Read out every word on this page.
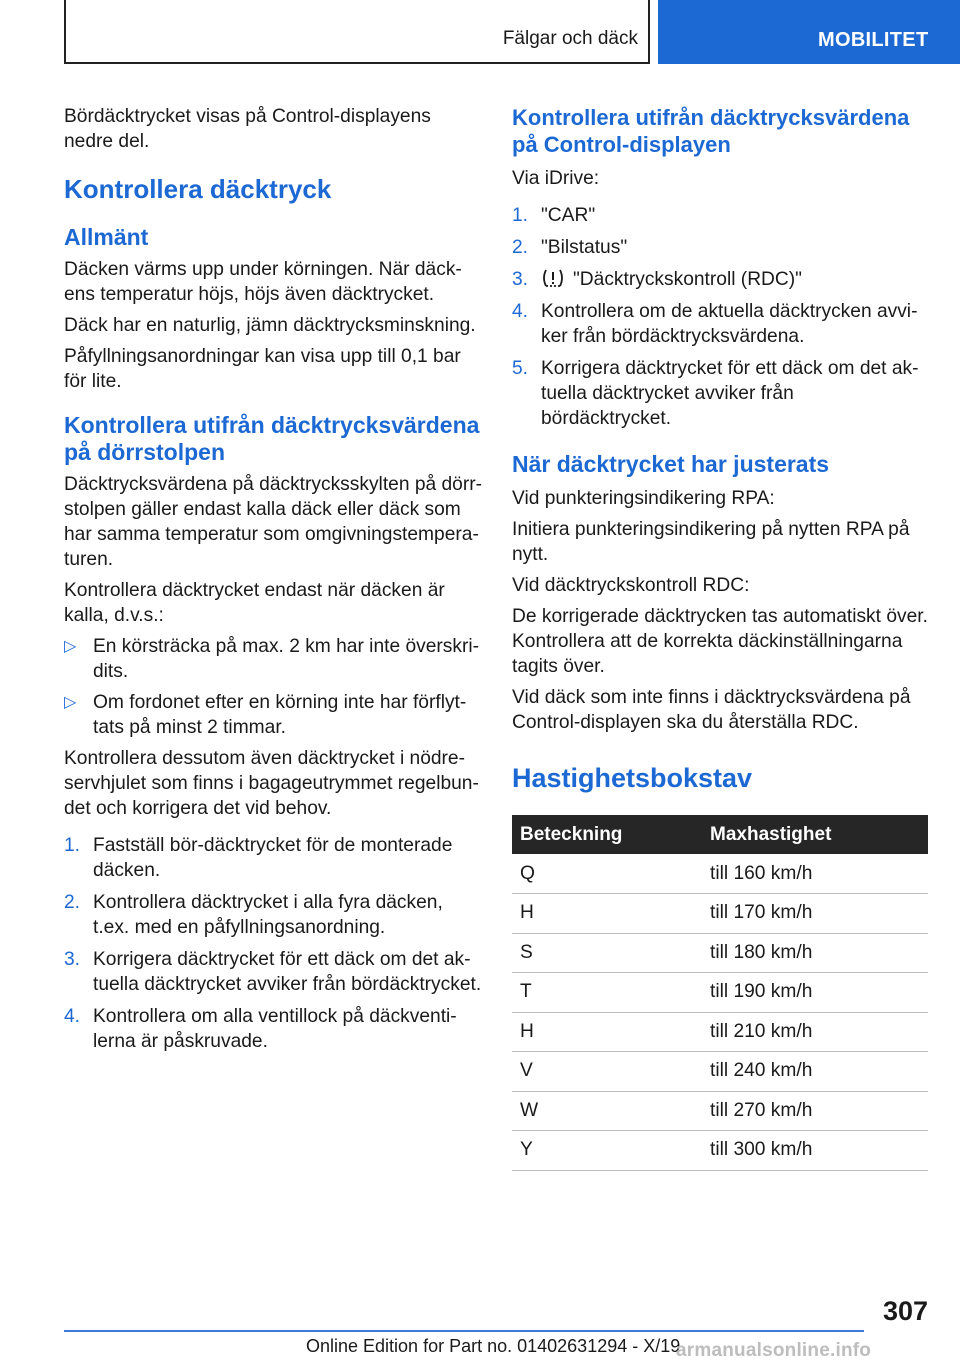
Fälgar och däck	MOBILITET

Bördäcktrycket visas på Control-displayens nedre del.

Kontrollera däcktryck
Allmänt

Däcken värms upp under körningen. När däckens temperatur höjs, höjs även däcktrycket.

Däck har en naturlig, jämn däcktrycksminskning.

Påfyllningsanordningar kan visa upp till 0,1 bar för lite.

Kontrollera utifrån däcktrycksvärdena på dörrstolpen

Däcktrycksvärdena på däcktrycksskylten på dörrstolpen gäller endast kalla däck eller däck som har samma temperatur som omgivningstemperaturen.

Kontrollera däcktrycket endast när däcken är kalla, d.v.s.:

▷ En körsträcka på max. 2 km har inte överskridits.
▷ Om fordonet efter en körning inte har förflyttats på minst 2 timmar.

Kontrollera dessutom även däcktrycket i nödreservhjulet som finns i bagageutrymmet regelbundet och korrigera det vid behov.

1. Fastställ bör-däcktrycket för de monterade däcken.
2. Kontrollera däcktrycket i alla fyra däcken, t.ex. med en påfyllningsanordning.
3. Korrigera däcktrycket för ett däck om det aktuella däcktrycket avviker från bördäcktrycket.
4. Kontrollera om alla ventillock på däckventilerna är påskruvade.
Kontrollera utifrån däcktrycksvärdena på Control-displayen

Via iDrive:

1. "CAR"
2. "Bilstatus"
3. "Däcktryckskontroll (RDC)"
4. Kontrollera om de aktuella däcktrycken avviker från bördäcktrycksvärdena.
5. Korrigera däcktrycket för ett däck om det aktuella däcktrycket avviker från bördäcktrycket.
När däcktrycket har justerats

Vid punkteringsindikering RPA:

Initiera punkteringsindikering på nytten RPA på nytt.

Vid däcktryckskontroll RDC:

De korrigerade däcktrycken tas automatiskt över. Kontrollera att de korrekta däckinställningarna tagits över.

Vid däck som inte finns i däcktrycksvärdena på Control-displayen ska du återställa RDC.

Hastighetsbokstav
Beteckning	Maxhastighet
Q	till 160 km/h
H	till 170 km/h
S	till 180 km/h
T	till 190 km/h
H	till 210 km/h
V	till 240 km/h
W	till 270 km/h
Y	till 300 km/h
307
Online Edition for Part no. 01402631294 - X/19
armanualsonline.info
